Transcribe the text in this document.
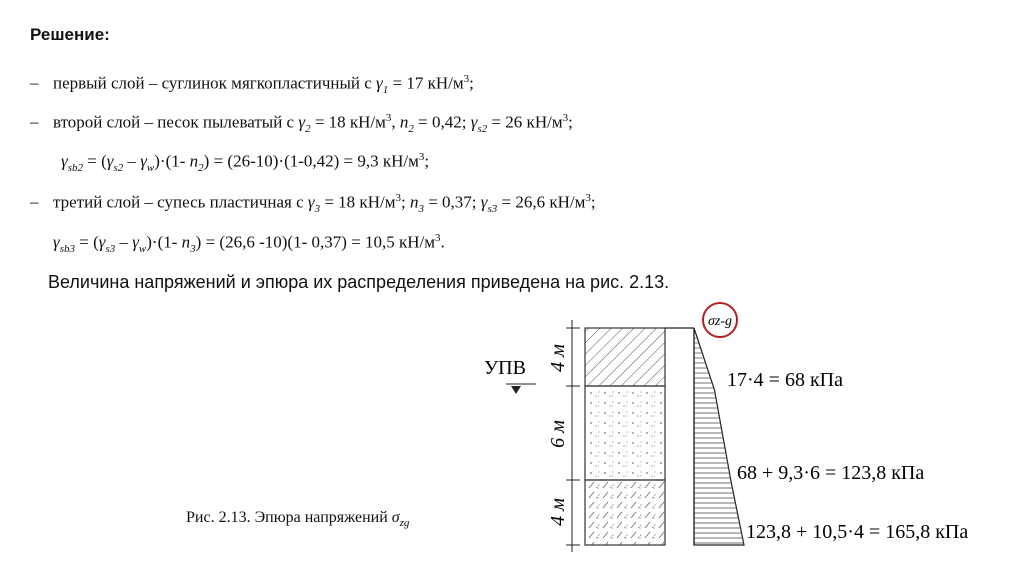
Решение:
– первый слой – суглинок мягкопластичный с $\gamma_1 = 17$ $кН/м^3$;
– второй слой – песок пылеватый с $\gamma_2 = 18$ $кН/м^3$, $n_2 = 0,42$; $\gamma_{s2} = 26$ $кН/м^3$;
$\gamma_{sb2} = (\gamma_{s2} - \gamma_w)\cdot(1-$ $n_2) = (26-10)\cdot(1-0,42) = 9,3$ $кН/м^3$;
– третий слой – супесь пластичная с $\gamma_3 = 18$ $кН/м^3$; $n_3 = 0,37$; $\gamma_{s3} = 26,6$ $кН/м^3$;
$\gamma_{sb3} = (\gamma_{s3} - \gamma_w)\cdot(1-$ $n_3) = (26,6$ -10)(1- 0,37) = 10,5 $кН/м^3$.
Величина напряжений и эпюра их распределения приведена на рис. 2.13.
Рис. 2.13. Эпюра напряжений $\sigma_{zg}$
4 м
6 м
4 м
УПВ
σz-g
17·4 = 68 кПа
68 + 9,3·6 = 123,8 кПа
123,8 + 10,5·4 = 165,8 кПа
